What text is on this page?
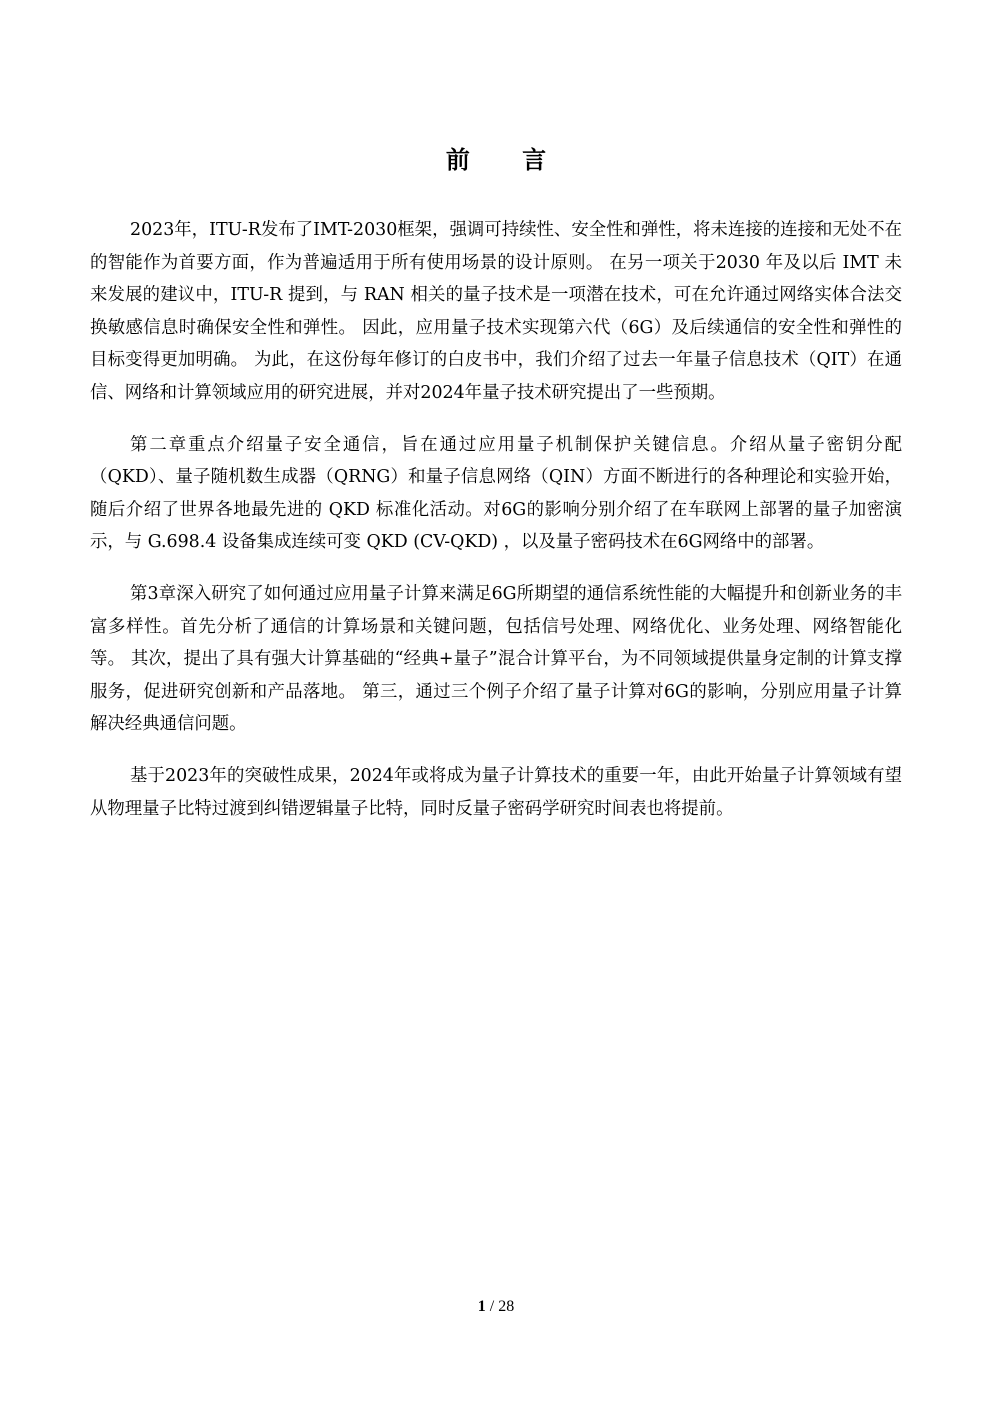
前 言

2023年，ITU-R发布了IMT-2030框架，强调可持续性、安全性和弹性，将未连接的连接和无处不在的智能作为首要方面，作为普遍适用于所有使用场景的设计原则。 在另一项关于2030 年及以后 IMT 未来发展的建议中，ITU-R 提到，与 RAN 相关的量子技术是一项潜在技术，可在允许通过网络实体合法交换敏感信息时确保安全性和弹性。 因此，应用量子技术实现第六代（6G）及后续通信的安全性和弹性的目标变得更加明确。 为此，在这份每年修订的白皮书中，我们介绍了过去一年量子信息技术（QIT）在通信、网络和计算领域应用的研究进展，并对2024年量子技术研究提出了一些预期。

第二章重点介绍量子安全通信，旨在通过应用量子机制保护关键信息。介绍从量子密钥分配（QKD）、量子随机数生成器（QRNG）和量子信息网络（QIN）方面不断进行的各种理论和实验开始，随后介绍了世界各地最先进的 QKD 标准化活动。对6G的影响分别介绍了在车联网上部署的量子加密演示，与 G.698.4 设备集成连续可变 QKD (CV-QKD) ，以及量子密码技术在6G网络中的部署。

第3章深入研究了如何通过应用量子计算来满足6G所期望的通信系统性能的大幅提升和创新业务的丰富多样性。首先分析了通信的计算场景和关键问题，包括信号处理、网络优化、业务处理、网络智能化等。 其次，提出了具有强大计算基础的“经典+量子”混合计算平台，为不同领域提供量身定制的计算支撑服务，促进研究创新和产品落地。 第三，通过三个例子介绍了量子计算对6G的影响，分别应用量子计算解决经典通信问题。

基于2023年的突破性成果，2024年或将成为量子计算技术的重要一年，由此开始量子计算领域有望从物理量子比特过渡到纠错逻辑量子比特，同时反量子密码学研究时间表也将提前。

1 / 28
